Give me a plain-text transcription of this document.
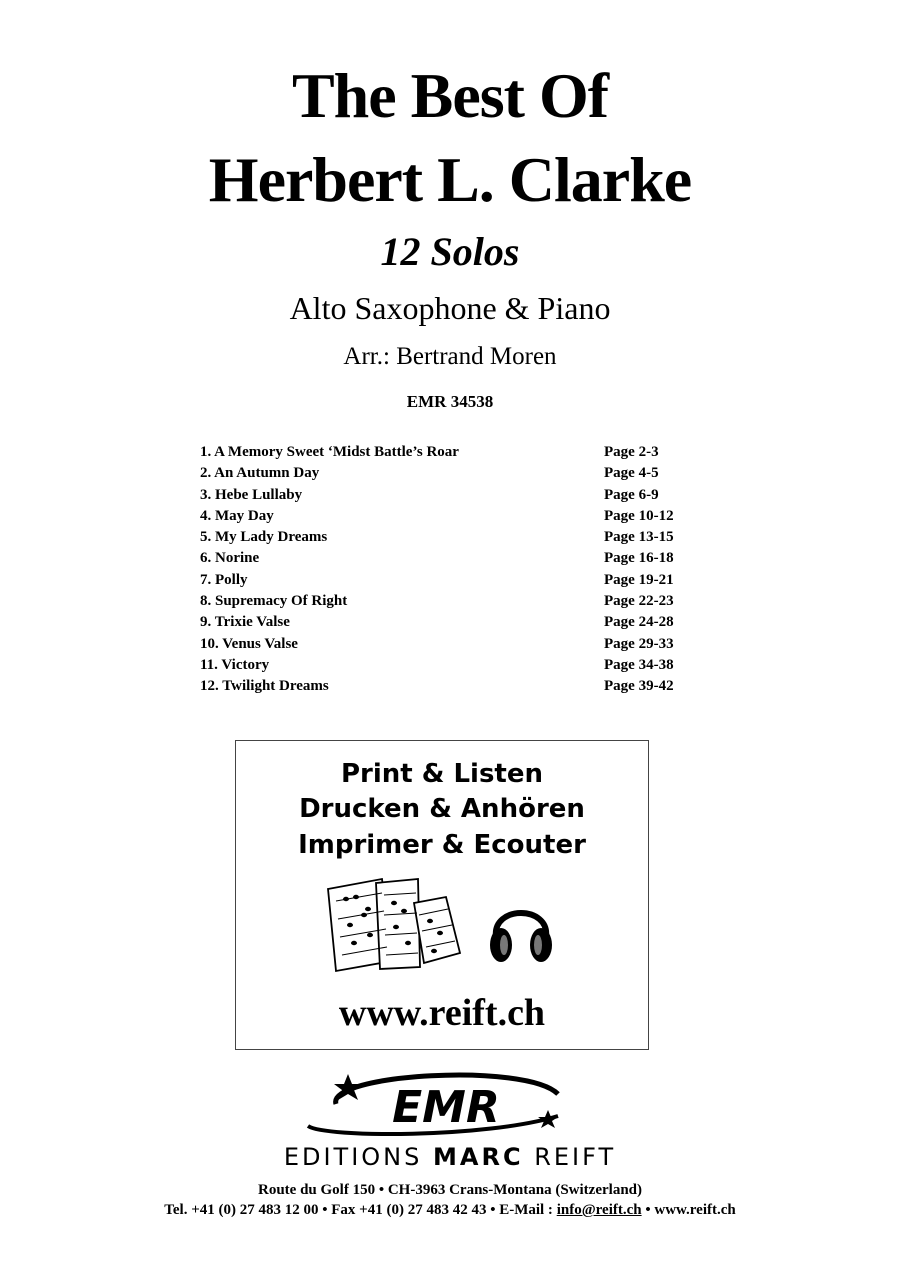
The Best Of
Herbert L. Clarke
12 Solos
Alto Saxophone & Piano
Arr.: Bertrand Moren
EMR 34538
1. A Memory Sweet ‘Midst Battle’s Roar	Page 2-3
2. An Autumn Day	Page 4-5
3. Hebe Lullaby	Page 6-9
4. May Day	Page 10-12
5. My Lady Dreams	Page 13-15
6. Norine	Page 16-18
7. Polly	Page 19-21
8. Supremacy Of Right	Page 22-23
9. Trixie Valse	Page 24-28
10. Venus Valse	Page 29-33
11. Victory	Page 34-38
12. Twilight Dreams	Page 39-42
Print & Listen
Drucken & Anhören
Imprimer & Ecouter
www.reift.ch
EMR
EDITIONS MARC REIFT
Route du Golf 150 • CH-3963 Crans-Montana (Switzerland)
Tel. +41 (0) 27 483 12 00 • Fax +41 (0) 27 483 42 43 • E-Mail : info@reift.ch • www.reift.ch
